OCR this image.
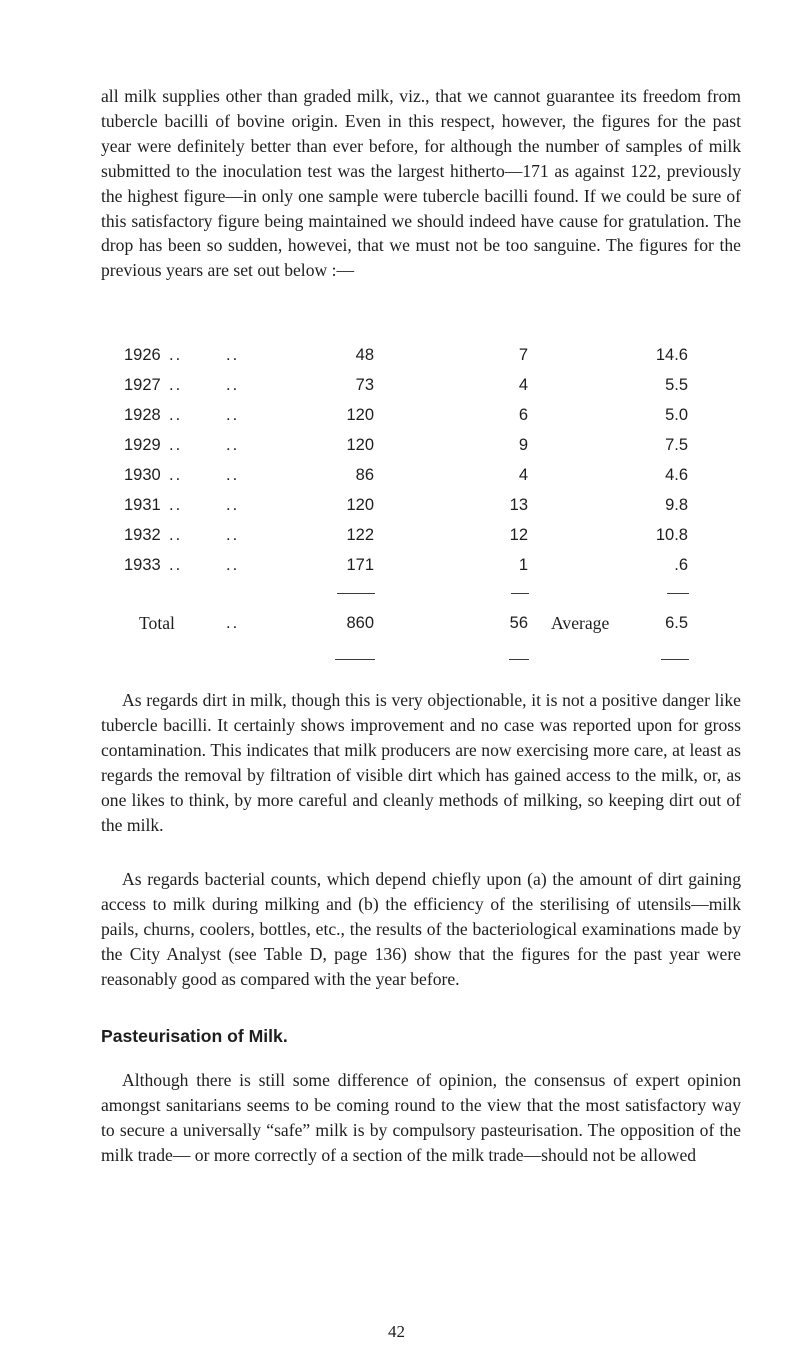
all milk supplies other than graded milk, viz., that we cannot guarantee its freedom from tubercle bacilli of bovine origin. Even in this respect, however, the figures for the past year were definitely better than ever before, for although the number of samples of milk submitted to the inoculation test was the largest hitherto—171 as against 122, previously the highest figure—in only one sample were tubercle bacilli found. If we could be sure of this satisfactory figure being maintained we should indeed have cause for gratulation. The drop has been so sudden, howevei, that we must not be too sanguine. The figures for the previous years are set out below :—

1926 ..	..	48	7	14.6
1927 ..	..	73	4	5.5
1928 ..	..	120	6	5.0
1929 ..	..	120	9	7.5
1930 ..	..	86	4	4.6
1931 ..	..	120	13	9.8
1932 ..	..	122	12	10.8
1933 ..	..	171	1	.6
Total	..	860	56 Average	6.5

As regards dirt in milk, though this is very objectionable, it is not a positive danger like tubercle bacilli. It certainly shows improvement and no case was reported upon for gross contamination. This indicates that milk producers are now exercising more care, at least as regards the removal by filtration of visible dirt which has gained access to the milk, or, as one likes to think, by more careful and cleanly methods of milking, so keeping dirt out of the milk.

As regards bacterial counts, which depend chiefly upon (a) the amount of dirt gaining access to milk during milking and (b) the efficiency of the sterilising of utensils—milk pails, churns, coolers, bottles, etc., the results of the bacteriological examinations made by the City Analyst (see Table D, page 136) show that the figures for the past year were reasonably good as compared with the year before.

Pasteurisation of Milk.

Although there is still some difference of opinion, the consensus of expert opinion amongst sanitarians seems to be coming round to the view that the most satisfactory way to secure a universally “safe” milk is by compulsory pasteurisation. The opposition of the milk trade— or more correctly of a section of the milk trade—should not be allowed

42
